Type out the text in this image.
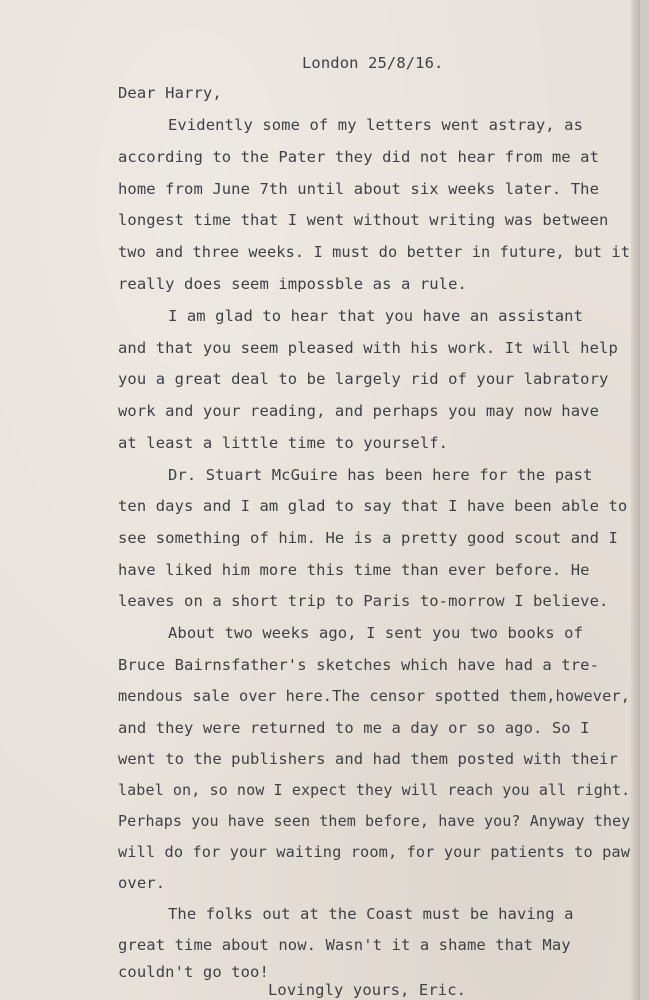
London 25/8/16.

Dear Harry,

Evidently some of my letters went astray, as

according to the Pater they did not hear from me at

home from June 7th until about six weeks later. The

longest time that I went without writing was between

two and three weeks. I must do better in future, but it

really does seem impossble as a rule.

I am glad to hear that you have an assistant

and that you seem pleased with his work. It will help

you a great deal to be largely rid of your labratory

work and your reading, and perhaps you may now have

at least a little time to yourself.

Dr. Stuart McGuire has been here for the past

ten days and I am glad to say that I have been able to

see something of him. He is a pretty good scout and I

have liked him more this time than ever before. He

leaves on a short trip to Paris to-morrow I believe.

About two weeks ago, I sent you two books of

Bruce Bairnsfather's sketches which have had a tre-

mendous sale over here.The censor spotted them,however,

and they were returned to me a day or so ago. So I

went to the publishers and had them posted with their

label on, so now I expect they will reach you all right.

Perhaps you have seen them before, have you? Anyway they

will do for your waiting room, for your patients to paw

over.

The folks out at the Coast must be having a

great time about now. Wasn't it a shame that May

couldn't go too!

Lovingly yours, Eric.
